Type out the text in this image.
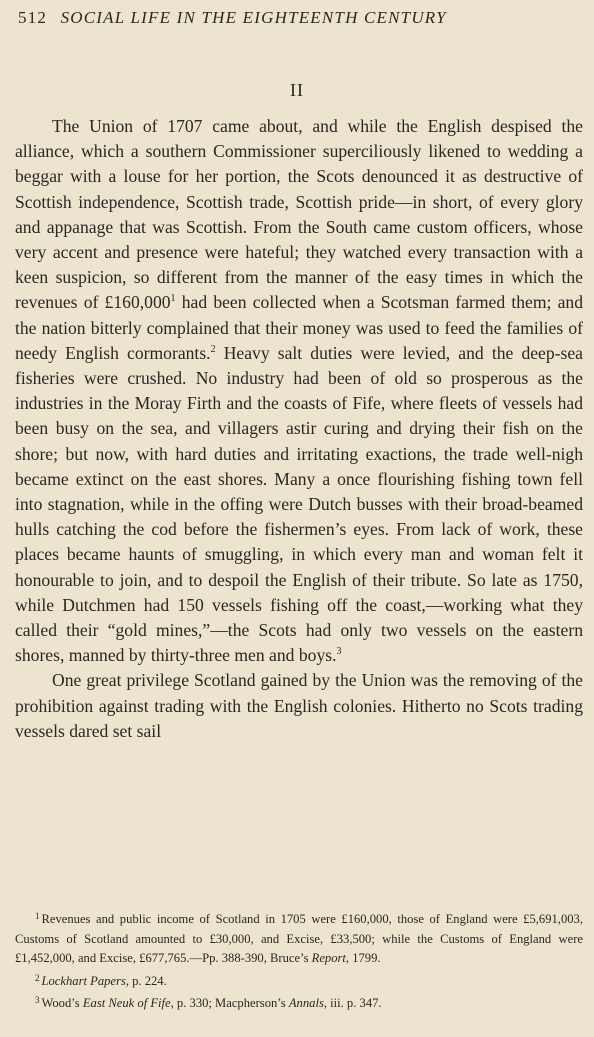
512 SOCIAL LIFE IN THE EIGHTEENTH CENTURY
II

The Union of 1707 came about, and while the English despised the alliance, which a southern Commissioner superciliously likened to wedding a beggar with a louse for her portion, the Scots denounced it as destructive of Scottish independence, Scottish trade, Scottish pride—in short, of every glory and appanage that was Scottish. From the South came custom officers, whose very accent and presence were hateful; they watched every transaction with a keen suspicion, so different from the manner of the easy times in which the revenues of £160,000$^1$ had been collected when a Scotsman farmed them; and the nation bitterly complained that their money was used to feed the families of needy English cormorants.$^2$ Heavy salt duties were levied, and the deep-sea fisheries were crushed. No industry had been of old so prosperous as the industries in the Moray Firth and the coasts of Fife, where fleets of vessels had been busy on the sea, and villagers astir curing and drying their fish on the shore; but now, with hard duties and irritating exactions, the trade well-nigh became extinct on the east shores. Many a once flourishing fishing town fell into stagnation, while in the offing were Dutch busses with their broad-beamed hulls catching the cod before the fishermen’s eyes. From lack of work, these places became haunts of smuggling, in which every man and woman felt it honourable to join, and to despoil the English of their tribute. So late as 1750, while Dutchmen had 150 vessels fishing off the coast,—working what they called their “gold mines,”—the Scots had only two vessels on the eastern shores, manned by thirty-three men and boys.$^3$

One great privilege Scotland gained by the Union was the removing of the prohibition against trading with the English colonies. Hitherto no Scots trading vessels dared set sail

$^1$ Revenues and public income of Scotland in 1705 were £160,000, those of England were £5,691,003, Customs of Scotland amounted to £30,000, and Excise, £33,500; while the Customs of England were £1,452,000, and Excise, £677,765.—Pp. 388-390, Bruce’s Report, 1799.
$^2$ Lockhart Papers, p. 224.
$^3$ Wood’s East Neuk of Fife, p. 330; Macpherson’s Annals, iii. p. 347.
